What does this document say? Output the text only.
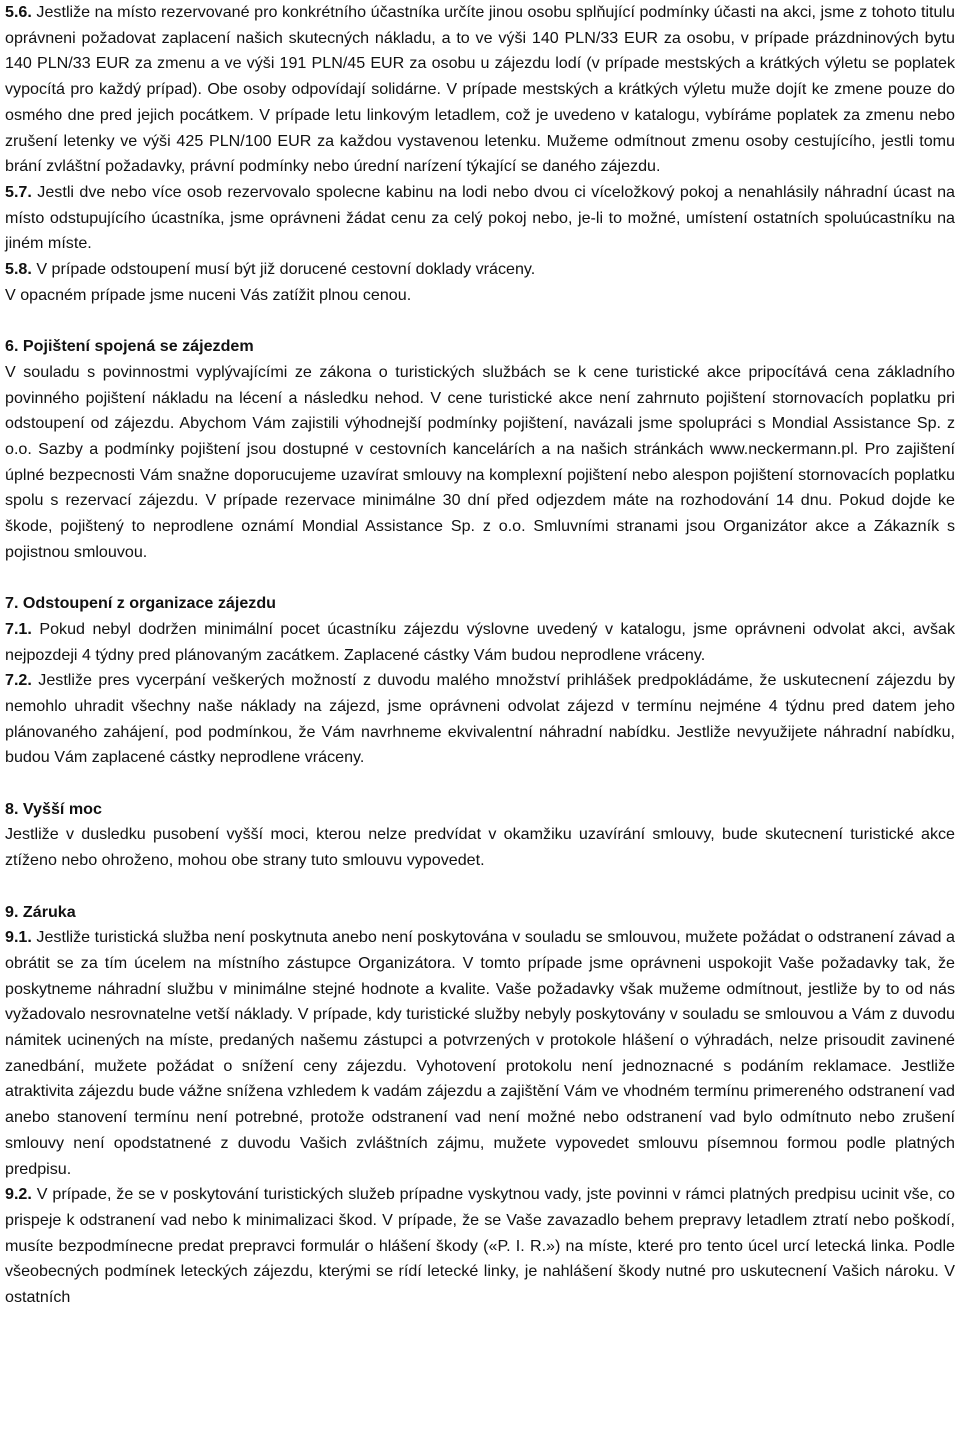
5.6. Jestliže na místo rezervované pro konkrétního účastníka určíte jinou osobu splňující podmínky účasti na akci, jsme z tohoto titulu oprávneni požadovat zaplacení našich skutecných nákladu, a to ve výši 140 PLN/33 EUR za osobu, v prípade prázdninových bytu 140 PLN/33 EUR za zmenu a ve výši 191 PLN/45 EUR za osobu u zájezdu lodí (v prípade mestských a krátkých výletu se poplatek vypocítá pro každý prípad). Obe osoby odpovídají solidárne. V prípade mestských a krátkých výletu muže dojít ke zmene pouze do osmého dne pred jejich pocátkem. V prípade letu linkovým letadlem, což je uvedeno v katalogu, vybíráme poplatek za zmenu nebo zrušení letenky ve výši 425 PLN/100 EUR za každou vystavenou letenku. Mužeme odmítnout zmenu osoby cestujícího, jestli tomu brání zvláštní požadavky, právní podmínky nebo úrední narízení týkající se daného zájezdu.

5.7. Jestli dve nebo více osob rezervovalo spolecne kabinu na lodi nebo dvou ci víceložkový pokoj a nenahlásily náhradní úcast na místo odstupujícího úcastníka, jsme oprávneni žádat cenu za celý pokoj nebo, je-li to možné, umístení ostatních spoluúcastníku na jiném míste.

5.8. V prípade odstoupení musí být již dorucené cestovní doklady vráceny.

V opacném prípade jsme nuceni Vás zatížit plnou cenou.

6. Pojištení spojená se zájezdem

V souladu s povinnostmi vyplývajícími ze zákona o turistických službách se k cene turistické akce pripocítává cena základního povinného pojištení nákladu na lécení a následku nehod. V cene turistické akce není zahrnuto pojištení stornovacích poplatku pri odstoupení od zájezdu. Abychom Vám zajistili výhodnejší podmínky pojištení, navázali jsme spolupráci s Mondial Assistance Sp. z o.o. Sazby a podmínky pojištení jsou dostupné v cestovních kancelárích a na našich stránkách www.neckermann.pl. Pro zajištení úplné bezpecnosti Vám snažne doporucujeme uzavírat smlouvy na komplexní pojištení nebo alespon pojištení stornovacích poplatku spolu s rezervací zájezdu. V prípade rezervace minimálne 30 dní před odjezdem máte na rozhodování 14 dnu. Pokud dojde ke škode, pojištený to neprodlene oznámí Mondial Assistance Sp. z o.o. Smluvními stranami jsou Organizátor akce a Zákazník s pojistnou smlouvou.

7. Odstoupení z organizace zájezdu

7.1. Pokud nebyl dodržen minimální pocet úcastníku zájezdu výslovne uvedený v katalogu, jsme oprávneni odvolat akci, avšak nejpozdeji 4 týdny pred plánovaným zacátkem. Zaplacené cástky Vám budou neprodlene vráceny.

7.2. Jestliže pres vycerpání veškerých možností z duvodu malého množství prihlášek predpokládáme, že uskutecnení zájezdu by nemohlo uhradit všechny naše náklady na zájezd, jsme oprávneni odvolat zájezd v termínu nejméne 4 týdnu pred datem jeho plánovaného zahájení, pod podmínkou, že Vám navrhneme ekvivalentní náhradní nabídku. Jestliže nevyužijete náhradní nabídku, budou Vám zaplacené cástky neprodlene vráceny.

8. Vyšší moc

Jestliže v dusledku pusobení vyšší moci, kterou nelze predvídat v okamžiku uzavírání smlouvy, bude skutecnení turistické akce ztíženo nebo ohroženo, mohou obe strany tuto smlouvu vypovedet.

9. Záruka

9.1. Jestliže turistická služba není poskytnuta anebo není poskytována v souladu se smlouvou, mužete požádat o odstranení závad a obrátit se za tím úcelem na místního zástupce Organizátora. V tomto prípade jsme oprávneni uspokojit Vaše požadavky tak, že poskytneme náhradní službu v minimálne stejné hodnote a kvalite. Vaše požadavky však mužeme odmítnout, jestliže by to od nás vyžadovalo nesrovnatelne vetší náklady. V prípade, kdy turistické služby nebyly poskytovány v souladu se smlouvou a Vám z duvodu námitek ucinených na míste, predaných našemu zástupci a potvrzených v protokole hlášení o výhradách, nelze prisoudit zavinené zanedbání, mužete požádat o snížení ceny zájezdu. Vyhotovení protokolu není jednoznacné s podáním reklamace. Jestliže atraktivita zájezdu bude vážne snížena vzhledem k vadám zájezdu a zajištění Vám ve vhodném termínu primereného odstranení vad anebo stanovení termínu není potrebné, protože odstranení vad není možné nebo odstranení vad bylo odmítnuto nebo zrušení smlouvy není opodstatnené z duvodu Vašich zvláštních zájmu, mužete vypovedet smlouvu písemnou formou podle platných predpisu.

9.2. V prípade, že se v poskytování turistických služeb prípadne vyskytnou vady, jste povinni v rámci platných predpisu ucinit vše, co prispeje k odstranení vad nebo k minimalizaci škod. V prípade, že se Vaše zavazadlo behem prepravy letadlem ztratí nebo poškodí, musíte bezpodmínecne predat prepravci formulár o hlášení škody («P. I. R.») na míste, které pro tento úcel urcí letecká linka. Podle všeobecných podmínek leteckých zájezdu, kterými se rídí letecké linky, je nahlášení škody nutné pro uskutecnení Vašich nároku. V ostatních
